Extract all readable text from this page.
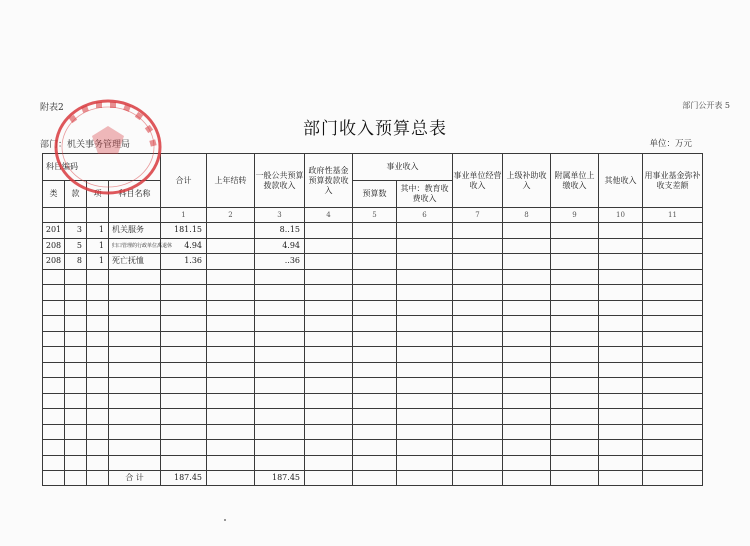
附表2	部门公开表 5
部门收入预算总表
部门：机关事务管理局	单位：万元
科目编码				合计	上年结转	一般公共预算拨款收入	政府性基金预算拨款收入	事业收入		事业单位经营收入	上级补助收入	附属单位上缴收入	其他收入	用事业基金弥补收支差额
类	款	项	科目名称					预算数	其中：教育收费收入					
				1	2	3	4	5	6	7	8	9	10	11
201	3	1	机关服务	181.15		8..15								
208	5	1	归口管理的行政单位离退休	4.94		4.94								
208	8	1	死亡抚恤	1.36		..36								

			合 计	187.45		187.45								
